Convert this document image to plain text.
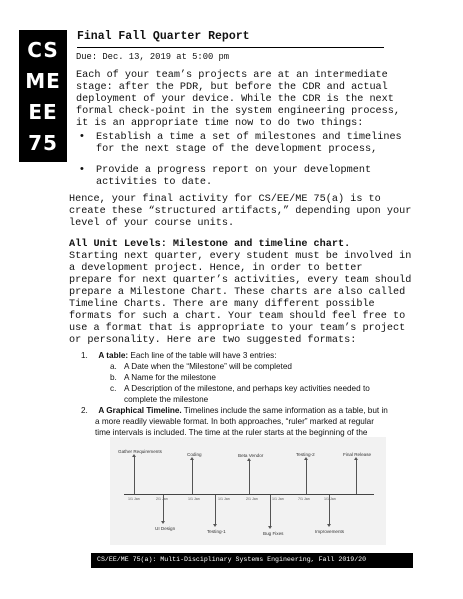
CS
ME
EE
75
Final Fall Quarter Report
Due: Dec. 13, 2019 at 5:00 pm
Each of your team’s projects are at an intermediate
stage: after the PDR, but before the CDR and actual
deployment of your device. While the CDR is the next
formal check-point in the system engineering process,
it is an appropriate time now to do two things:
• Establish a time a set of milestones and timelines
for the next stage of the development process,
• Provide a progress report on your development
activities to date.
Hence, your final activity for CS/EE/ME 75(a) is to
create these “structured artifacts,” depending upon your
level of your course units.
All Unit Levels: Milestone and timeline chart.
Starting next quarter, every student must be involved in
a development project. Hence, in order to better
prepare for next quarter’s activities, every team should
prepare a Milestone Chart. These charts are also called
Timeline Charts. There are many different possible
formats for such a chart. Your team should feel free to
use a format that is appropriate to your team’s project
or personality. Here are two suggested formats:
1. A table: Each line of the table will have 3 entries:
a. A Date when the “Milestone” will be completed
b. A Name for the milestone
c. A Description of the milestone, and perhaps key activities needed to
complete the milestone
2. A Graphical Timeline. Timelines include the same information as a table, but in
a more readily viewable format. In both approaches, “ruler” marked at regular
time intervals is included. The time at the ruler starts at the beginning of the
Gather Requirements
Coding	Beta Vendor	Testing-2	Final Release
1/1 Jan	2/1 Jan	1/1 Jan	1/1 Jan	2/1 Jan	1/1 Jan	7/1 Jan	1/1 Jan
UI Design
Testing-1	Bug Fixes	Improvements
CS/EE/ME 75(a): Multi-Disciplinary Systems Engineering, Fall 2019/20
